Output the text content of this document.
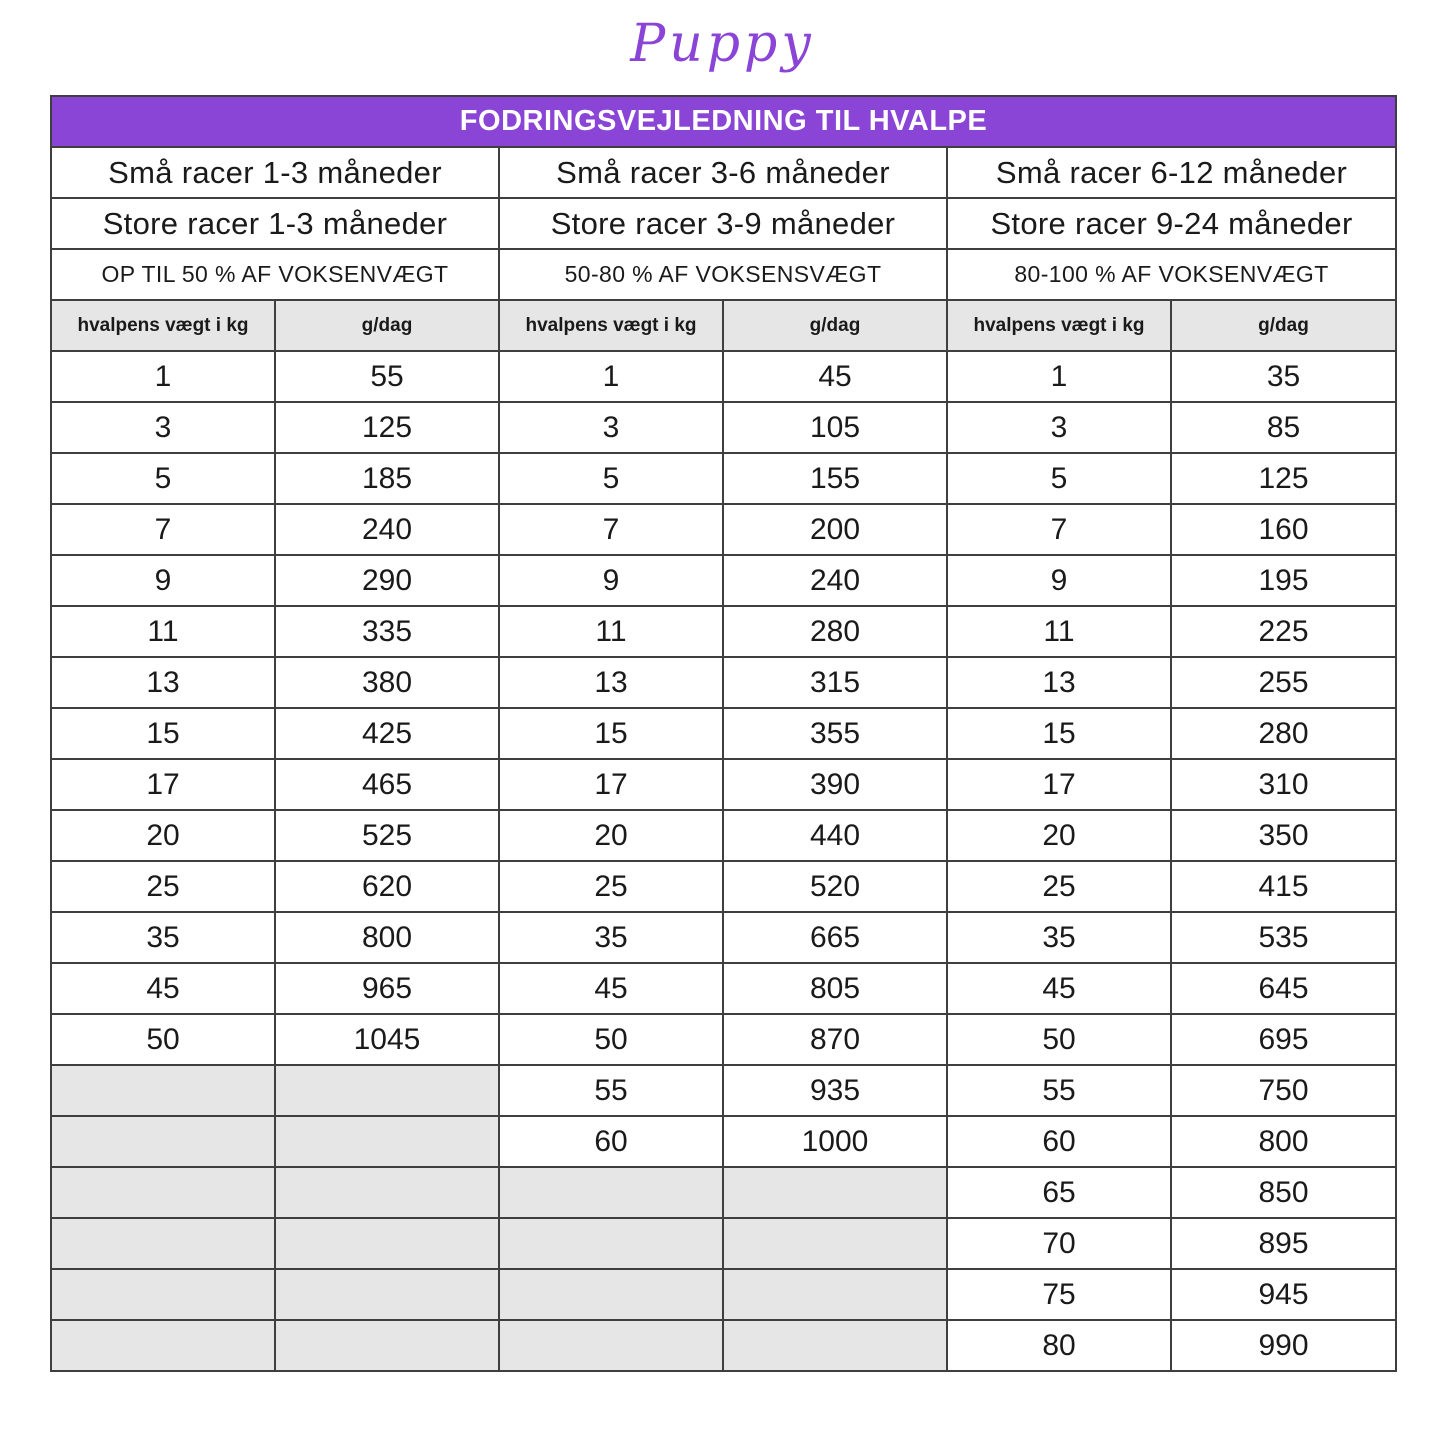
Puppy
FODRINGSVEJLEDNING TIL HVALPE					
Små racer 1-3 måneder		Små racer 3-6 måneder		Små racer 6-12 måneder	
Store racer 1-3 måneder		Store racer 3-9 måneder		Store racer 9-24 måneder	
OP TIL 50 % AF VOKSENVÆGT		50-80 % AF VOKSENSVÆGT		80-100 % AF VOKSENVÆGT	
hvalpens vægt i kg	g/dag	hvalpens vægt i kg	g/dag	hvalpens vægt i kg	g/dag
1	55	1	45	1	35
3	125	3	105	3	85
5	185	5	155	5	125
7	240	7	200	7	160
9	290	9	240	9	195
11	335	11	280	11	225
13	380	13	315	13	255
15	425	15	355	15	280
17	465	17	390	17	310
20	525	20	440	20	350
25	620	25	520	25	415
35	800	35	665	35	535
45	965	45	805	45	645
50	1045	50	870	50	695
		55	935	55	750
		60	1000	60	800
				65	850
				70	895
				75	945
				80	990
